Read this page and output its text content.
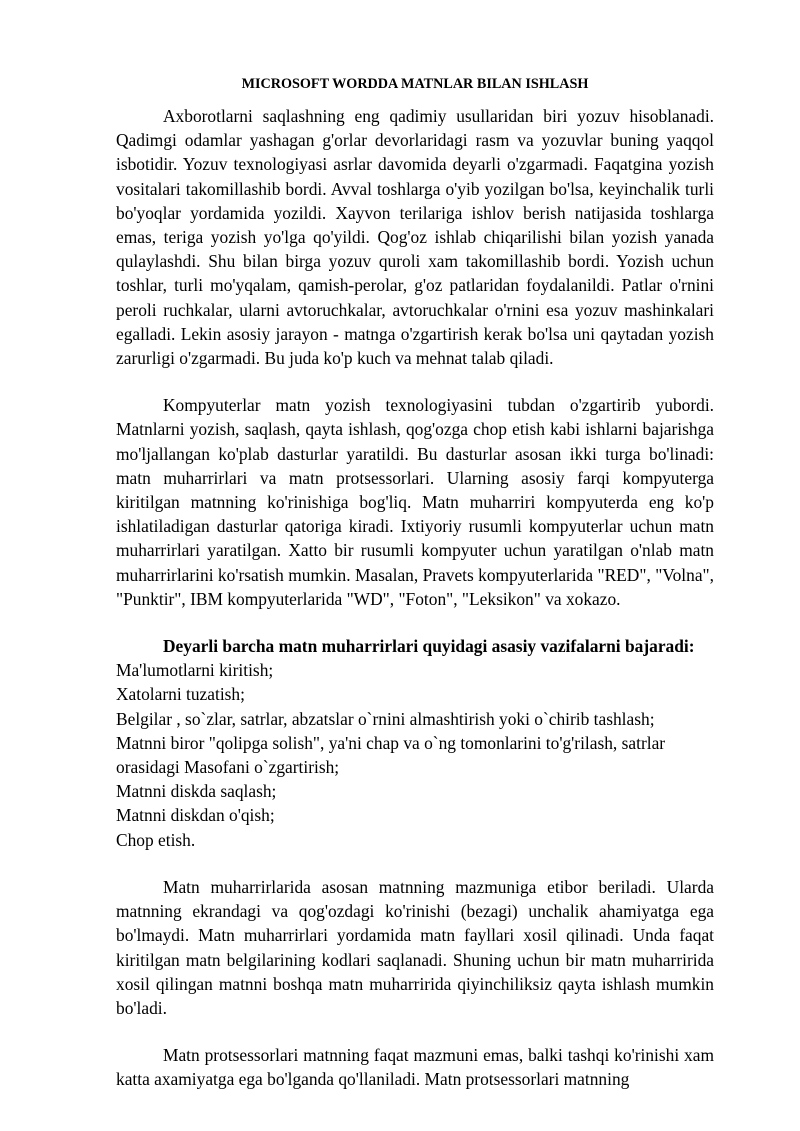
MICROSOFT WORDDA MATNLAR BILAN ISHLASH

Axborotlarni saqlashning eng qadimiy usullaridan biri yozuv hisoblanadi. Qadimgi odamlar yashagan g'orlar devorlaridagi rasm va yozuvlar buning yaqqol isbotidir. Yozuv texnologiyasi asrlar davomida deyarli o'zgarmadi. Faqatgina yozish vositalari takomillashib bordi. Avval toshlarga o'yib yozilgan bo'lsa, keyinchalik turli bo'yoqlar yordamida yozildi. Xayvon terilariga ishlov berish natijasida toshlarga emas, teriga yozish yo'lga qo'yildi. Qog'oz ishlab chiqarilishi bilan yozish yanada qulaylashdi. Shu bilan birga yozuv quroli xam takomillashib bordi. Yozish uchun toshlar, turli mo'yqalam, qamish-perolar, g'oz patlaridan foydalanildi. Patlar o'rnini peroli ruchkalar, ularni avtoruchkalar, avtoruchkalar o'rnini esa yozuv mashinkalari egalladi. Lekin asosiy jarayon - matnga o'zgartirish kerak bo'lsa uni qaytadan yozish zarurligi o'zgarmadi. Bu juda ko'p kuch va mehnat talab qiladi.

Kompyuterlar matn yozish texnologiyasini tubdan o'zgartirib yubordi. Matnlarni yozish, saqlash, qayta ishlash, qog'ozga chop etish kabi ishlarni bajarishga mo'ljallangan ko'plab dasturlar yaratildi. Bu dasturlar asosan ikki turga bo'linadi: matn muharrirlari va matn protsessorlari. Ularning asosiy farqi kompyuterga kiritilgan matnning ko'rinishiga bog'liq. Matn muharriri kompyuterda eng ko'p ishlatiladigan dasturlar qatoriga kiradi. Ixtiyoriy rusumli kompyuterlar uchun matn muharrirlari yaratilgan. Xatto bir rusumli kompyuter uchun yaratilgan o'nlab matn muharrirlarini ko'rsatish mumkin. Masalan, Pravets kompyuterlarida "RED", "Volna", "Punktir", IBM kompyuterlarida "WD", "Foton", "Leksikon" va xokazo.

Deyarli barcha matn muharrirlari quyidagi asasiy vazifalarni bajaradi:

Ma'lumotlarni kiritish;
Xatolarni tuzatish;
Belgilar , so`zlar, satrlar, abzatslar o`rnini almashtirish yoki o`chirib tashlash;
Matnni biror "qolipga solish", ya'ni chap va o`ng tomonlarini to'g'rilash, satrlar orasidagi Masofani o`zgartirish;
Matnni diskda saqlash;
Matnni diskdan o'qish;
Chop etish.

Matn muharrirlarida asosan matnning mazmuniga etibor beriladi. Ularda matnning ekrandagi va qog'ozdagi ko'rinishi (bezagi) unchalik ahamiyatga ega bo'lmaydi. Matn muharrirlari yordamida matn fayllari xosil qilinadi. Unda faqat kiritilgan matn belgilarining kodlari saqlanadi. Shuning uchun bir matn muharririda xosil qilingan matnni boshqa matn muharririda qiyinchiliksiz qayta ishlash mumkin bo'ladi.

Matn protsessorlari matnning faqat mazmuni emas, balki tashqi ko'rinishi xam katta axamiyatga ega bo'lganda qo'llaniladi. Matn protsessorlari matnning
